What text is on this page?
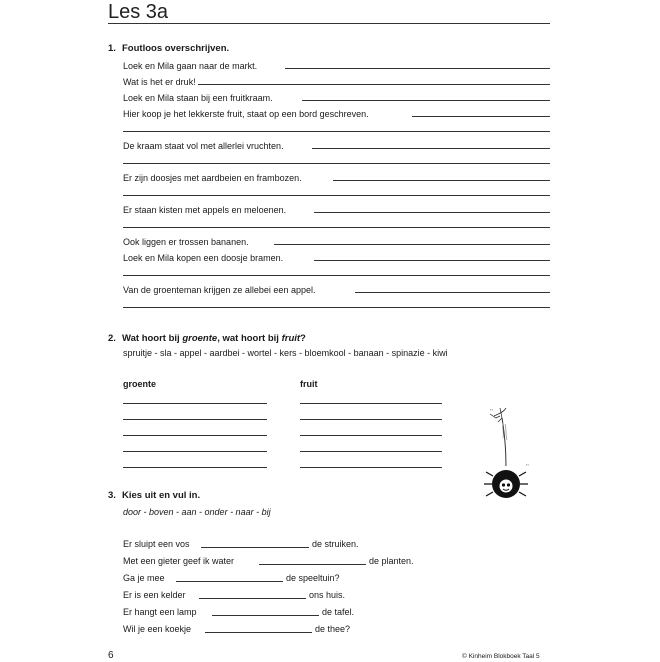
Les 3a
1. Foutloos overschrijven.
Loek en Mila gaan naar de markt.
Wat is het er druk!
Loek en Mila staan bij een fruitkraam.
Hier koop je het lekkerste fruit, staat op een bord geschreven.
De kraam staat vol met allerlei vruchten.
Er zijn doosjes met aardbeien en frambozen.
Er staan kisten met appels en meloenen.
Ook liggen er trossen bananen.
Loek en Mila kopen een doosje bramen.
Van de groenteman krijgen ze allebei een appel.
2. Wat hoort bij groente, wat hoort bij fruit?
spruitje - sla - appel - aardbei - wortel - kers - bloemkool - banaan - spinazie - kiwi
groente	fruit
''
''
3. Kies uit en vul in.
door - boven - aan - onder - naar - bij
Er sluipt een vos	de struiken.
Met een gieter geef ik water	de planten.
Ga je mee	de speeltuin?
Er is een kelder	ons huis.
Er hangt een lamp	de tafel.
Wil je een koekje	de thee?
6	© Kinheim Blokboek Taal 5
